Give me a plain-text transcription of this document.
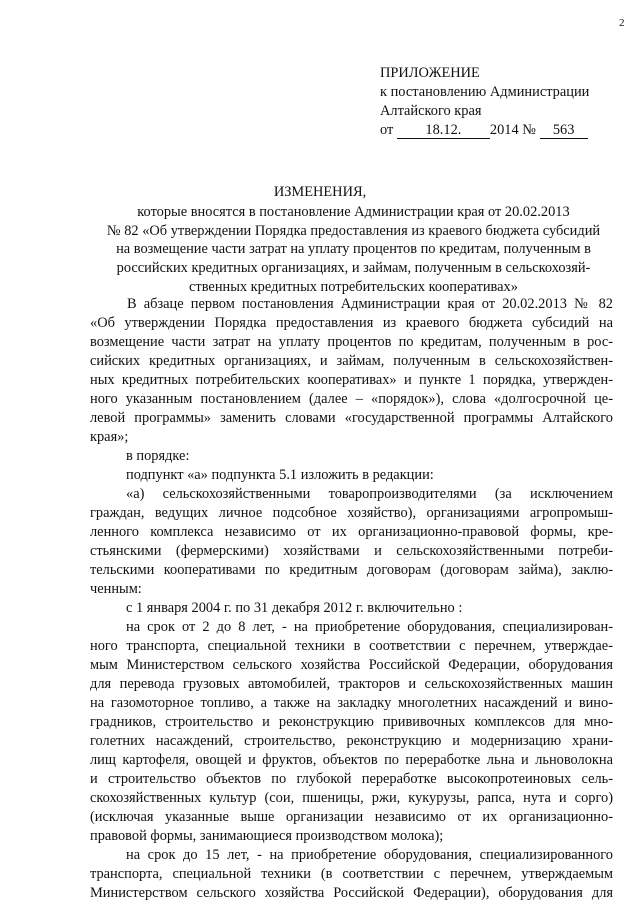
2
ПРИЛОЖЕНИЕ
к постановлению Администрации
Алтайского края
от 18.12. 2014 № 563
ИЗМЕНЕНИЯ,
которые вносятся в постановление Администрации края от 20.02.2013
№ 82 «Об утверждении Порядка предоставления из краевого бюджета субсидий
на возмещение части затрат на уплату процентов по кредитам, полученным в
российских кредитных организациях, и займам, полученным в сельскохозяй-
ственных кредитных потребительских кооперативах»
В абзаце первом постановления Администрации края от 20.02.2013 № 82
«Об утверждении Порядка предоставления из краевого бюджета субсидий на
возмещение части затрат на уплату процентов по кредитам, полученным в рос-
сийских кредитных организациях, и займам, полученным в сельскохозяйствен-
ных кредитных потребительских кооперативах» и пункте 1 порядка, утвержден-
ного указанным постановлением (далее – «порядок»), слова «долгосрочной це-
левой программы» заменить словами «государственной программы Алтайского
края»;
в порядке:
подпункт «а» подпункта 5.1 изложить в редакции:
«а) сельскохозяйственными товаропроизводителями (за исключением
граждан, ведущих личное подсобное хозяйство), организациями агропромыш-
ленного комплекса независимо от их организационно-правовой формы, кре-
стьянскими (фермерскими) хозяйствами и сельскохозяйственными потреби-
тельскими кооперативами по кредитным договорам (договорам займа), заклю-
ченным:
с 1 января 2004 г. по 31 декабря 2012 г. включительно :
на срок от 2 до 8 лет, - на приобретение оборудования, специализирован-
ного транспорта, специальной техники в соответствии с перечнем, утверждае-
мым Министерством сельского хозяйства Российской Федерации, оборудования
для перевода грузовых автомобилей, тракторов и сельскохозяйственных машин
на газомоторное топливо, а также на закладку многолетних насаждений и вино-
градников, строительство и реконструкцию прививочных комплексов для мно-
голетних насаждений, строительство, реконструкцию и модернизацию храни-
лищ картофеля, овощей и фруктов, объектов по переработке льна и льноволокна
и строительство объектов по глубокой переработке высокопротеиновых сель-
скохозяйственных культур (сои, пшеницы, ржи, кукурузы, рапса, нута и сорго)
(исключая указанные выше организации независимо от их организационно-
правовой формы, занимающиеся производством молока);
на срок до 15 лет, - на приобретение оборудования, специализированного
транспорта, специальной техники (в соответствии с перечнем, утверждаемым
Министерством сельского хозяйства Российской Федерации), оборудования для
